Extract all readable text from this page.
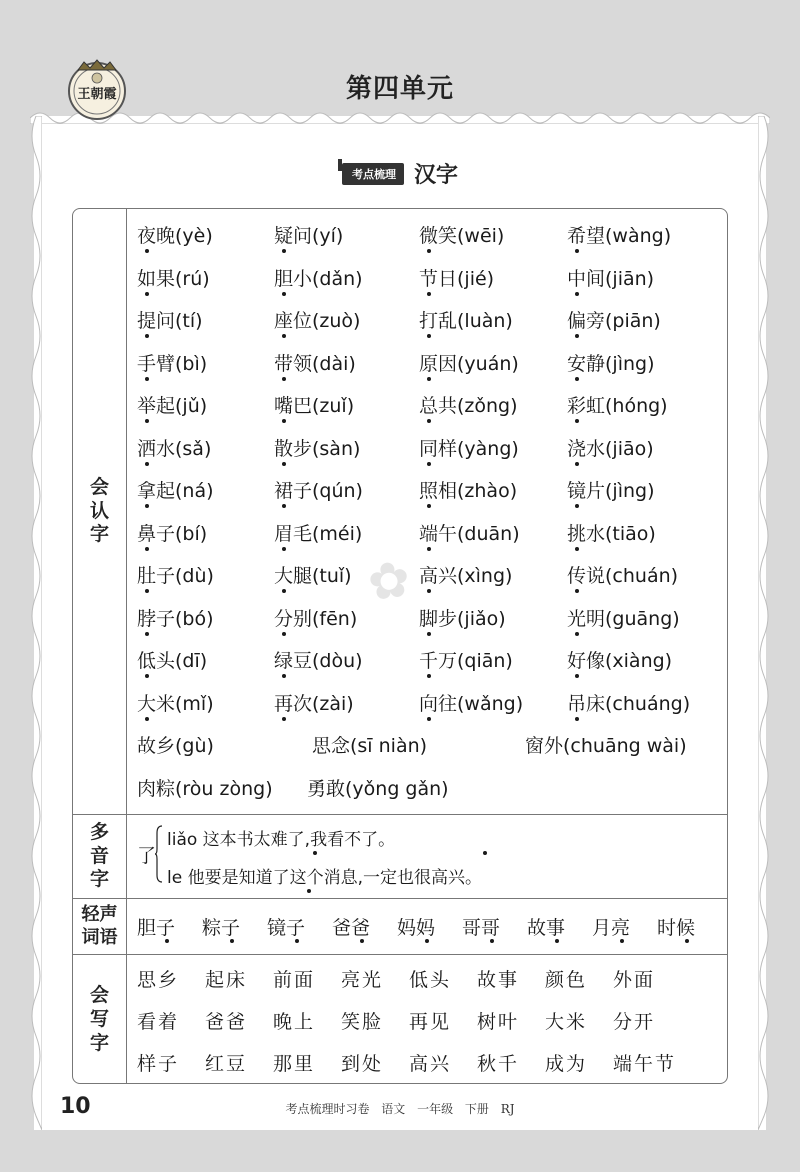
王朝霞	第四单元
考点梳理 汉字
✿
会
认
字
夜晚(yè)	疑问(yí)	微笑(wēi)	希望(wàng)
如果(rú)	胆小(dǎn)	节日(jié)	中间(jiān)
提问(tí)	座位(zuò)	打乱(luàn)	偏旁(piān)
手臂(bì)	带领(dài)	原因(yuán)	安静(jìng)
举起(jǔ)	嘴巴(zuǐ)	总共(zǒng)	彩虹(hóng)
洒水(sǎ)	散步(sàn)	同样(yàng)	浇水(jiāo)
拿起(ná)	裙子(qún)	照相(zhào)	镜片(jìng)
鼻子(bí)	眉毛(méi)	端午(duān) 挑水(tiāo)
肚子(dù)	大腿(tuǐ)	高兴(xìng)	传说(chuán)
脖子(bó)	分别(fēn)	脚步(jiǎo)	光明(guāng)
低头(dī)	绿豆(dòu)	千万(qiān)	好像(xiàng)
大米(mǐ)	再次(zài)	向往(wǎng) 吊床(chuáng)
故乡(gù)	思念(sī niàn)	窗外(chuāng wài)
肉粽(ròu zòng) 勇敢(yǒng gǎn)
多
音
字
了
liǎo 这本书太难了,我看不了。
le 他要是知道了这个消息,一定也很高兴。
轻声
词语 胆子 粽子 镜子 爸爸 妈妈 哥哥 故事 月亮 时候
会
写
字
思乡 起床 前面 亮光 低头 故事 颜色 外面
看着 爸爸 晚上 笑脸 再见 树叶 大米 分开
样子 红豆 那里 到处 高兴 秋千 成为 端午节
10	考点梳理时习卷 语文 一年级 下册 RJ
